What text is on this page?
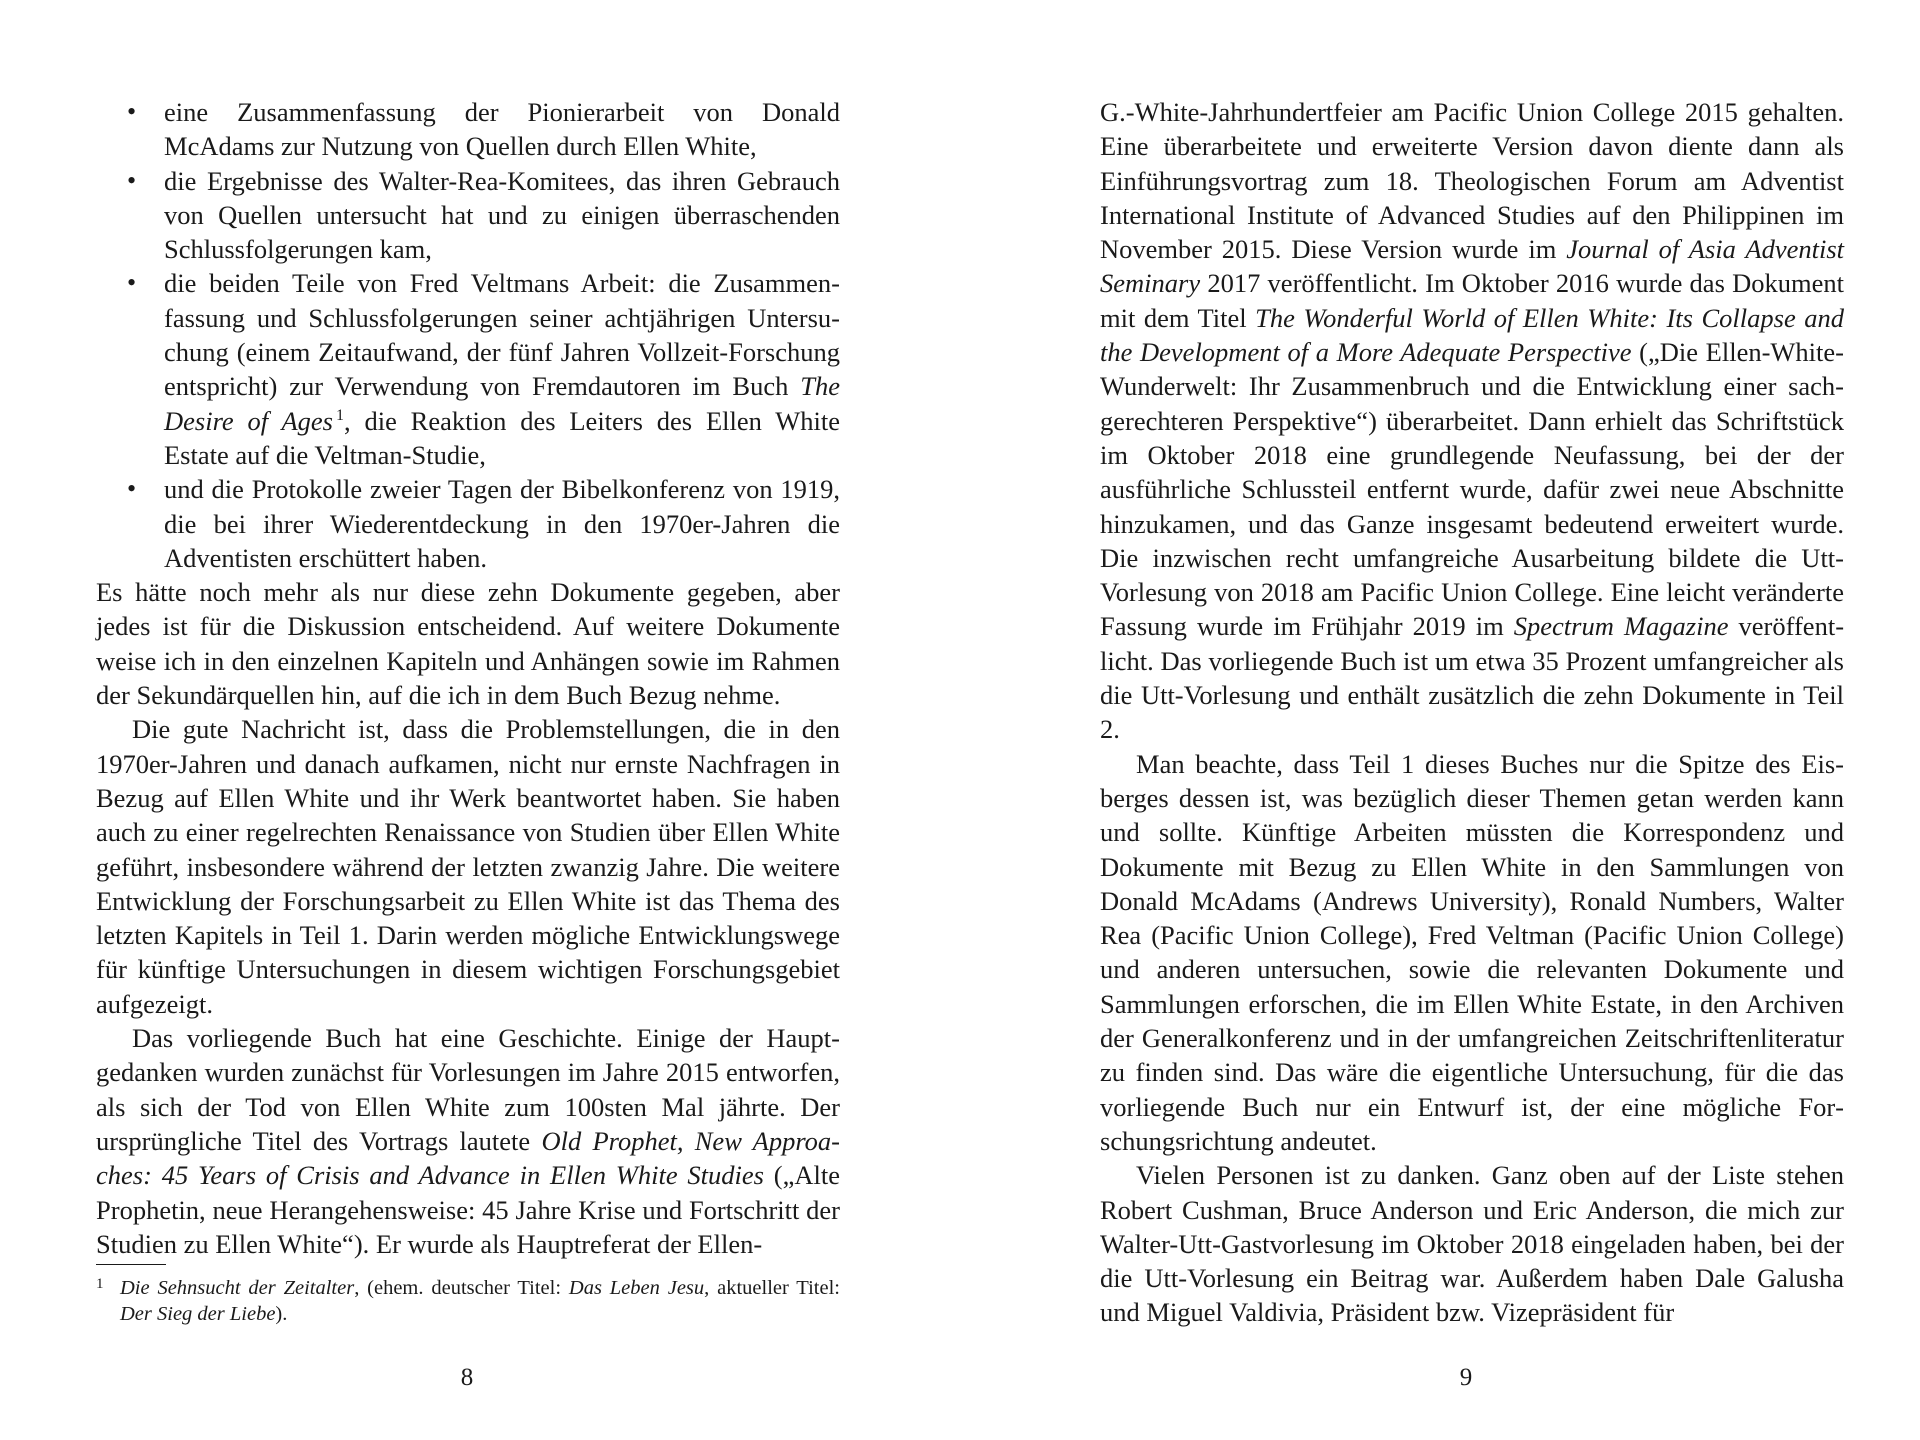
• eine Zusammenfassung der Pionierarbeit von Donald McAdams zur Nutzung von Quellen durch Ellen White,
• die Ergebnisse des Walter-Rea-Komitees, das ihren Gebrauch von Quellen untersucht hat und zu einigen überraschenden Schlussfolgerungen kam,
• die beiden Teile von Fred Veltmans Arbeit: die Zusammenfassung und Schlussfolgerungen seiner achtjährigen Untersuchung (einem Zeitaufwand, der fünf Jahren Vollzeit-Forschung entspricht) zur Verwendung von Fremdautoren im Buch The Desire of Ages $^1$, die Reaktion des Leiters des Ellen White Estate auf die Veltman-Studie,
• und die Protokolle zweier Tagen der Bibelkonferenz von 1919, die bei ihrer Wiederentdeckung in den 1970er-Jahren die Adventisten erschüttert haben.

Es hätte noch mehr als nur diese zehn Dokumente gegeben, aber jedes ist für die Diskussion entscheidend. Auf weitere Dokumente weise ich in den einzelnen Kapiteln und Anhängen sowie im Rahmen der Sekundärquellen hin, auf die ich in dem Buch Bezug nehme.

Die gute Nachricht ist, dass die Problemstellungen, die in den 1970er-Jahren und danach aufkamen, nicht nur ernste Nachfragen in Bezug auf Ellen White und ihr Werk beantwortet haben. Sie haben auch zu einer regelrechten Renaissance von Studien über Ellen White geführt, insbesondere während der letzten zwanzig Jahre. Die weitere Entwicklung der Forschungsarbeit zu Ellen White ist das Thema des letzten Kapitels in Teil 1. Darin werden mögliche Entwicklungswege für künftige Untersuchungen in diesem wichtigen Forschungsgebiet aufgezeigt.

Das vorliegende Buch hat eine Geschichte. Einige der Hauptgedanken wurden zunächst für Vorlesungen im Jahre 2015 entworfen, als sich der Tod von Ellen White zum 100sten Mal jährte. Der ursprüngliche Titel des Vortrags lautete Old Prophet, New Approaches: 45 Years of Crisis and Advance in Ellen White Studies („Alte Prophetin, neue Herangehensweise: 45 Jahre Krise und Fortschritt der Studien zu Ellen White“). Er wurde als Hauptreferat der Ellen-

1 Die Sehnsucht der Zeitalter, (ehem. deutscher Titel: Das Leben Jesu, aktueller Titel: Der Sieg der Liebe).
8

G.-White-Jahrhundertfeier am Pacific Union College 2015 gehalten. Eine überarbeitete und erweiterte Version davon diente dann als Einführungsvortrag zum 18. Theologischen Forum am Adventist International Institute of Advanced Studies auf den Philippinen im November 2015. Diese Version wurde im Journal of Asia Adventist Seminary 2017 veröffentlicht. Im Oktober 2016 wurde das Dokument mit dem Titel The Wonderful World of Ellen White: Its Collapse and the Development of a More Adequate Perspective („Die Ellen-White-Wunderwelt: Ihr Zusammenbruch und die Entwicklung einer sachgerechteren Perspektive“) überarbeitet. Dann erhielt das Schriftstück im Oktober 2018 eine grundlegende Neufassung, bei der der ausführliche Schlussteil entfernt wurde, dafür zwei neue Abschnitte hinzukamen, und das Ganze insgesamt bedeutend erweitert wurde. Die inzwischen recht umfangreiche Ausarbeitung bildete die Utt-Vorlesung von 2018 am Pacific Union College. Eine leicht veränderte Fassung wurde im Frühjahr 2019 im Spectrum Magazine veröffentlicht. Das vorliegende Buch ist um etwa 35 Prozent umfangreicher als die Utt-Vorlesung und enthält zusätzlich die zehn Dokumente in Teil 2.

Man beachte, dass Teil 1 dieses Buches nur die Spitze des Eisberges dessen ist, was bezüglich dieser Themen getan werden kann und sollte. Künftige Arbeiten müssten die Korrespondenz und Dokumente mit Bezug zu Ellen White in den Sammlungen von Donald McAdams (Andrews University), Ronald Numbers, Walter Rea (Pacific Union College), Fred Veltman (Pacific Union College) und anderen untersuchen, sowie die relevanten Dokumente und Sammlungen erforschen, die im Ellen White Estate, in den Archiven der Generalkonferenz und in der umfangreichen Zeitschriftenliteratur zu finden sind. Das wäre die eigentliche Untersuchung, für die das vorliegende Buch nur ein Entwurf ist, der eine mögliche Forschungsrichtung andeutet.

Vielen Personen ist zu danken. Ganz oben auf der Liste stehen Robert Cushman, Bruce Anderson und Eric Anderson, die mich zur Walter-Utt-Gastvorlesung im Oktober 2018 eingeladen haben, bei der die Utt-Vorlesung ein Beitrag war. Außerdem haben Dale Galusha und Miguel Valdivia, Präsident bzw. Vizepräsident für

9
